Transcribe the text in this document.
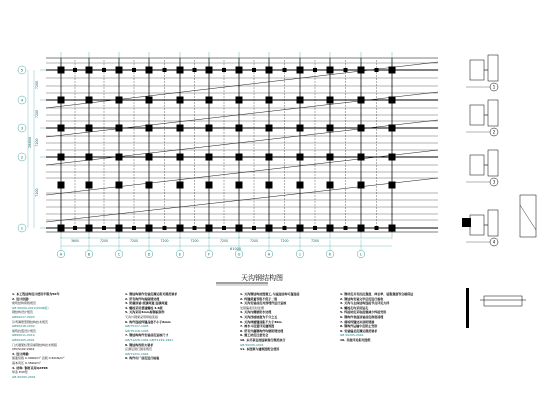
A	B	C	D	E	F	G	H	J	K	L
5
4
3
2
1
3600	7200	7200	7200	7200	7200	7200	7200	7200
7200
7200
7200
7200
天沟钢结构图
61000
28800
1
2
3
4
1. 本工程结构设计使用年限为50年
2. 设计依据:
建筑结构荷载规范
GB 50009-2012(2006版)
钢结构设计规范
GB50017-2003
冷弯薄壁型钢结构技术规范
GB50018-2002
建筑抗震设计规范
GB50011-2010
GB50205-2001
门式刚架轻型房屋钢结构技术规程
CECS102:2002
3. 设计荷载:
屋面恒载 0.30kN/m² 活载 0.50kN/m²
基本风压 0.35kN/m²
4. 材料: 钢材采用Q235B
焊条 E43型
GB 50205-2001
1. 钢结构制作安装应满足相关规范要求
2. 所有构件均需除锈处理
3. 防腐涂装:底漆两道 面漆两道
4. 螺栓采用普通螺栓 4.6级
5. 天沟采用3mm厚钢板制作
天沟与钢梁采用焊接连接
6. 构件连接焊缝高度不小于6mm
GB/T5117-1995
GB/T5118-1995
7. 钢结构构件安装前应复核尺寸
GB/T1228-1991 GB/T1229-1991
8. 钢结构的防火要求
应满足现行国家规范
GB/T1231-1991
9. 构件出厂前应进行检验
1. 天沟钢结构按图施工,与屋面结构可靠连接
2. 焊缝质量等级不低于二级
3. 天沟安装前应对预埋件进行复核
发现偏差及时处理
4. 天沟内侧做防水处理
5. 天沟找坡坡度为千分之五
6. 天沟伸缩缝间距不大于30m
7. 雨水斗设置详见建筑图
8. 所有外露钢构件均做防锈处理
9. 施工时应注意安全
10. 未尽事宜按国家现行规范执行
GB 50205-2001
11. 本图须与建筑图配合使用
1. 钢材应具有抗拉强度、伸长率、屈服强度等合格保证
2. 钢结构安装完毕后应进行验收
3. 天沟与主体结构连接节点详见大样
4. 螺栓孔均采用钻孔
5. 焊接时应采取措施减少焊接变形
6. 钢构件表面涂装前应彻底清理
7. 现场焊缝处补涂防锈漆
8. 钢构件运输中应防止变形
9. 安装偏差应满足规范要求
GB 50205-2001
10. 其他详见相关图纸
